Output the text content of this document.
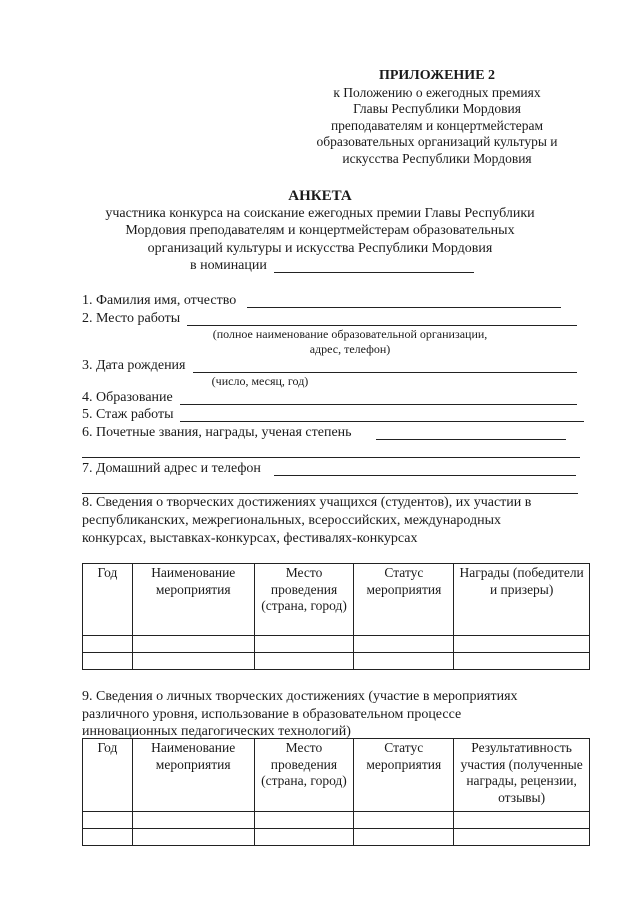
ПРИЛОЖЕНИЕ 2
к Положению о ежегодных премиях
Главы Республики Мордовия
преподавателям и концертмейстерам
образовательных организаций культуры и
искусства Республики Мордовия
АНКЕТА
участника конкурса на соискание ежегодных премии Главы Республики
Мордовия преподавателям и концертмейстерам образовательных
организаций культуры и искусства Республики Мордовия
в номинации
1. Фамилия имя, отчество
2. Место работы
(полное наименование образовательной организации,
адрес, телефон)
3. Дата рождения
(число, месяц, год)
4. Образование
5. Стаж работы
6. Почетные звания, награды, ученая степень
7. Домашний адрес и телефон
8. Сведения о творческих достижениях учащихся (студентов), их участии в
республиканских, межрегиональных, всероссийских, международных
конкурсах, выставках-конкурсах, фестивалях-конкурсах
Год	Наименование мероприятия	Место проведения (страна, город)	Статус мероприятия	Награды (победители и призеры)

9. Сведения о личных творческих достижениях (участие в мероприятиях
различного уровня, использование в образовательном процессе
инновационных педагогических технологий)
Год	Наименование мероприятия	Место проведения (страна, город)	Статус мероприятия	Результативность участия (полученные награды, рецензии, отзывы)
